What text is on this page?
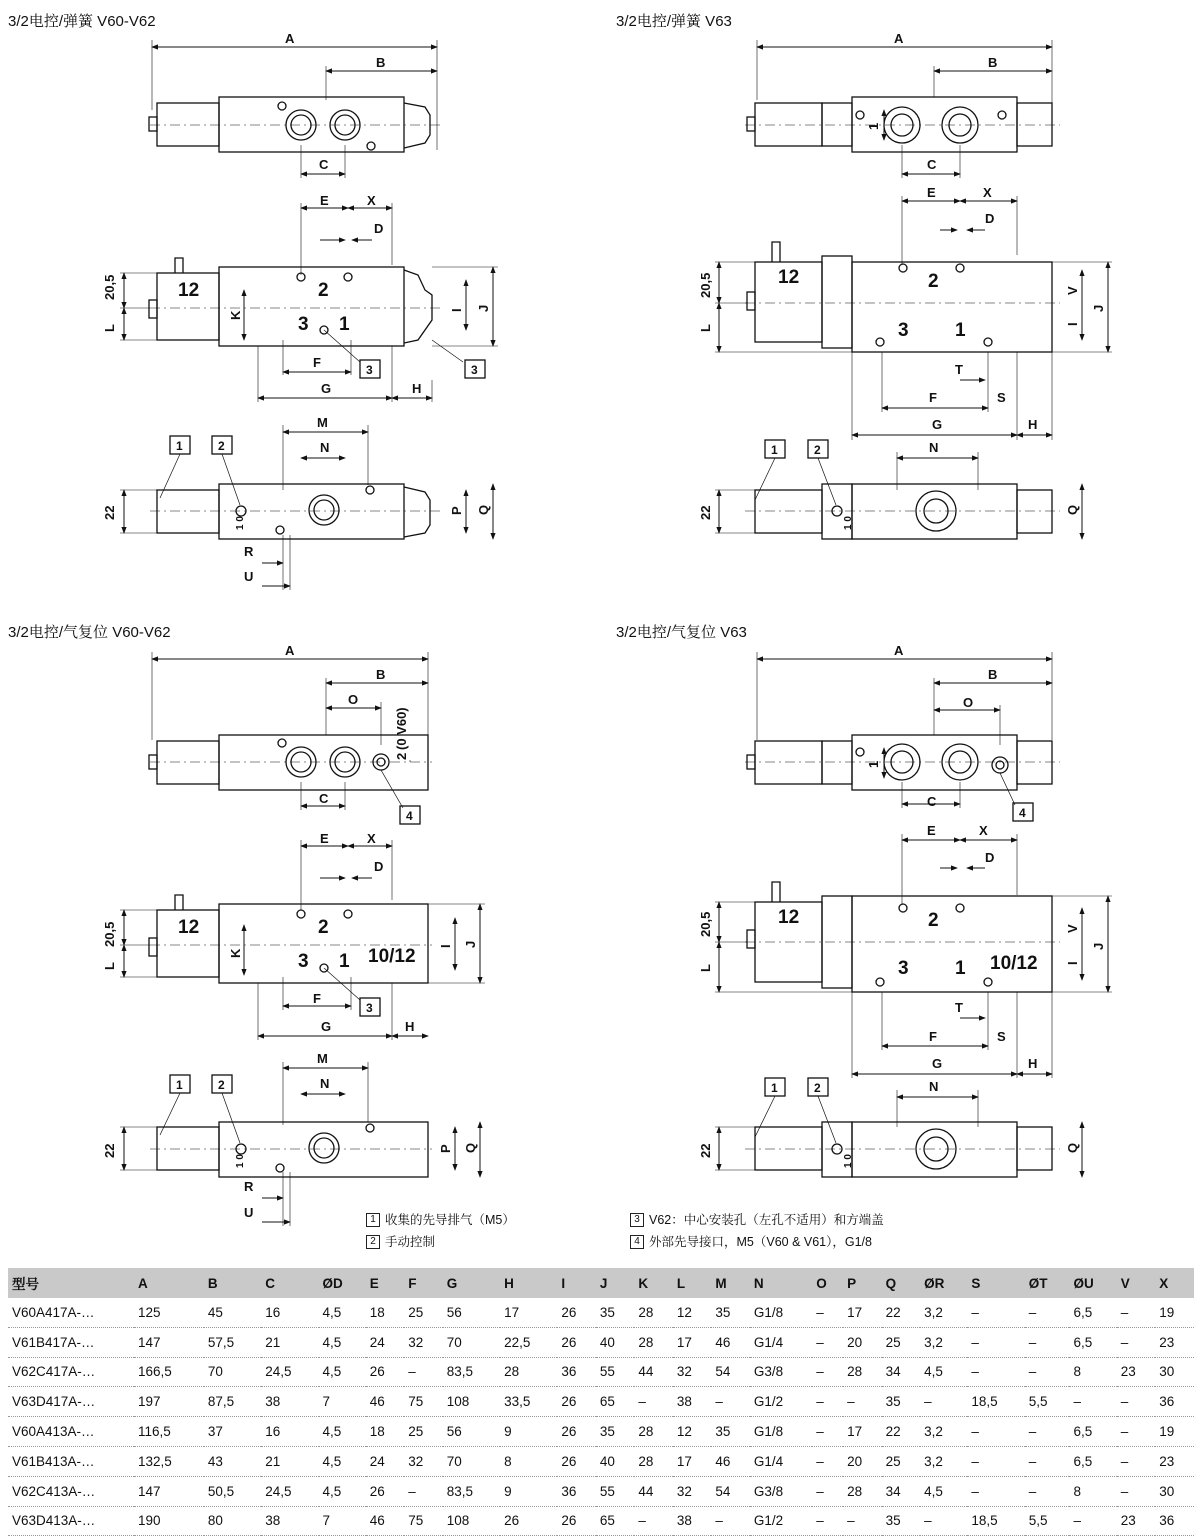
3/2电控/弹簧 V60-V62	3/2电控/弹簧 V63
3/2电控/气复位 V60-V62	3/2电控/气复位 V63
A
B
C
E	X
D
12	2
3 1
F
G	H
20,5
L
K
I J
3	3
M
N
1	2
22	P Q
1 0
R
U
A
B
C
1
E	X
D
12	2
3 1
T
F	S
G	H
20,5
L
V
I
J
N
1	2
22	Q
1 0
A
B
O
(0 V60)
2
C
4
E	X
D
12	2
3 1 10/12
F
3
G	H
20,5
L
K
I J
M
N
1	2
22	P Q
1 0
R
U
A
B
O
1
C
4
E	X
D
12	2
3 1 10/12
T
F	S
G	H
20,5
L
V
I
J
N
1	2
22	Q
1 0
1 收集的先导排气（M5）
2 手动控制
3 V62：中心安装孔（左孔不适用）和方端盖
4 外部先导接口，M5（V60 & V61），G1/8
型号	A	B	C	ØD	E	F	G	H	I	J	K	L	M	N	O	P	Q	ØR	S	ØT	ØU	V	X
V60A417A-…	125	45	16	4,5	18	25	56	17	26	35	28	12	35	G1/8	–	17	22	3,2	–	–	6,5	–	19
V61B417A-…	147	57,5	21	4,5	24	32	70	22,5	26	40	28	17	46	G1/4	–	20	25	3,2	–	–	6,5	–	23
V62C417A-…	166,5	70	24,5	4,5	26	–	83,5	28	36	55	44	32	54	G3/8	–	28	34	4,5	–	–	8	23	30
V63D417A-…	197	87,5	38	7	46	75	108	33,5	26	65	–	38	–	G1/2	–	–	35	–	18,5	5,5	–	–	36
V60A413A-…	116,5	37	16	4,5	18	25	56	9	26	35	28	12	35	G1/8	–	17	22	3,2	–	–	6,5	–	19
V61B413A-…	132,5	43	21	4,5	24	32	70	8	26	40	28	17	46	G1/4	–	20	25	3,2	–	–	6,5	–	23
V62C413A-…	147	50,5	24,5	4,5	26	–	83,5	9	36	55	44	32	54	G3/8	–	28	34	4,5	–	–	8	–	30
V63D413A-…	190	80	38	7	46	75	108	26	26	65	–	38	–	G1/2	–	–	35	–	18,5	5,5	–	23	36
